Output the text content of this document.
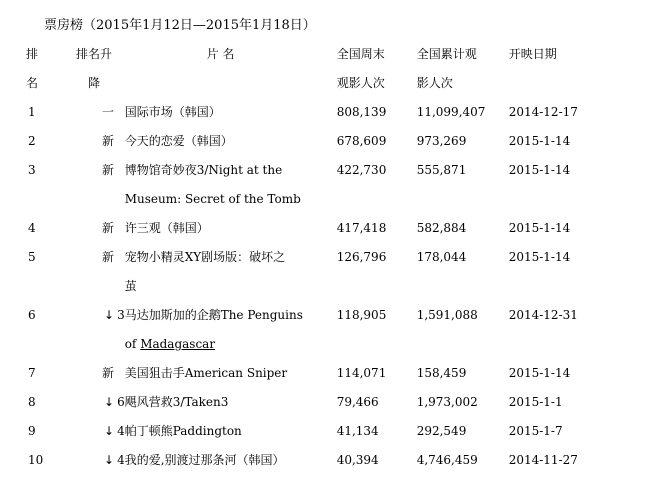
票房榜（2015年1月12日—2015年1月18日）
排	排名升	片 名	全国周末	全国累计观	开映日期
名	降		观影人次	影人次	
1	一	国际市场（韩国）	808,139	11,099,407	2014-12-17
2	新	今天的恋爱（韩国）	678,609	973,269	2015-1-14
3	新	博物馆奇妙夜3/Night at the	422,730	555,871	2015-1-14
		Museum: Secret of the Tomb			
4	新	许三观（韩国）	417,418	582,884	2015-1-14
5	新	宠物小精灵XY剧场版：破坏之	126,796	178,044	2015-1-14
		茧			
6	↓ 3	马达加斯加的企鹅The Penguins	118,905	1,591,088	2014-12-31
		of Madagascar			
7	新	美国狙击手American Sniper	114,071	158,459	2015-1-14
8	↓ 6	飓风营救3/Taken3	79,466	1,973,002	2015-1-1
9	↓ 4	帕丁顿熊Paddington	41,134	292,549	2015-1-7
10	↓ 4	我的爱,别渡过那条河（韩国）	40,394	4,746,459	2014-11-27
